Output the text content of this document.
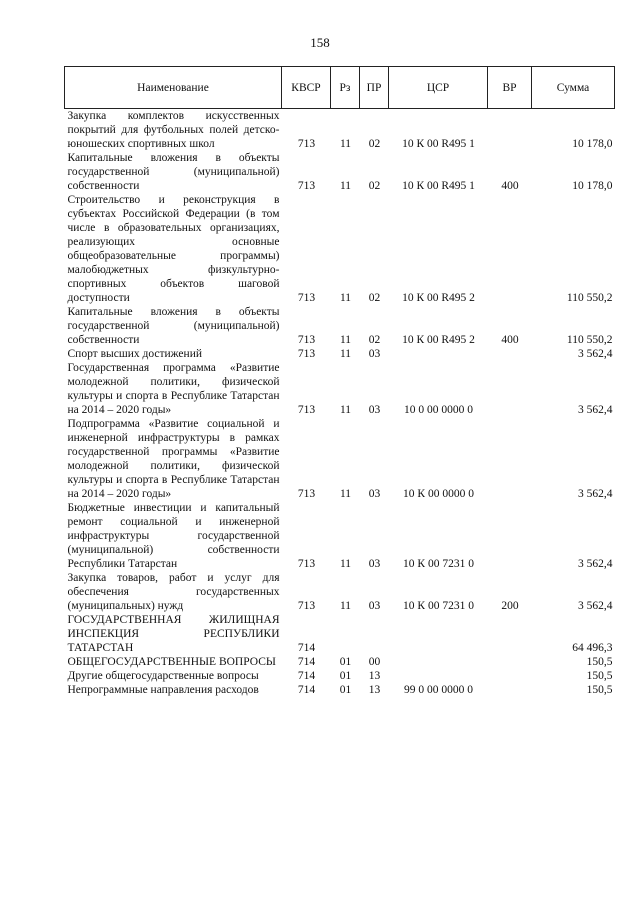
158
Наименование	КВСР	Рз	ПР	ЦСР	ВР	Сумма
Закупка комплектов искусственных покрытий для футбольных полей детско-юношеских спортивных школ	713	11	02	10 К 00 R495 1		10 178,0
Капитальные вложения в объекты государственной (муниципальной) собственности	713	11	02	10 К 00 R495 1	400	10 178,0
Строительство и реконструкция в субъектах Российской Федерации (в том числе в образовательных организациях, реализующих основные общеобразовательные программы) малобюджетных физкультурно-спортивных объектов шаговой доступности	713	11	02	10 К 00 R495 2		110 550,2
Капитальные вложения в объекты государственной (муниципальной) собственности	713	11	02	10 К 00 R495 2	400	110 550,2
Спорт высших достижений	713	11	03			3 562,4
Государственная программа «Развитие молодежной политики, физической культуры и спорта в Республике Татарстан на 2014 – 2020 годы»	713	11	03	10 0 00 0000 0		3 562,4
Подпрограмма «Развитие социальной и инженерной инфраструктуры в рамках государственной программы «Развитие молодежной политики, физической культуры и спорта в Республике Татарстан на 2014 – 2020 годы»	713	11	03	10 К 00 0000 0		3 562,4
Бюджетные инвестиции и капитальный ремонт социальной и инженерной инфраструктуры государственной (муниципальной) собственности Республики Татарстан	713	11	03	10 К 00 7231 0		3 562,4
Закупка товаров, работ и услуг для обеспечения государственных (муниципальных) нужд	713	11	03	10 К 00 7231 0	200	3 562,4
ГОСУДАРСТВЕННАЯ ЖИЛИЩНАЯ ИНСПЕКЦИЯ РЕСПУБЛИКИ ТАТАРСТАН	714					64 496,3
ОБЩЕГОСУДАРСТВЕННЫЕ ВОПРОСЫ	714	01	00			150,5
Другие общегосударственные вопросы	714	01	13			150,5
Непрограммные направления расходов	714	01	13	99 0 00 0000 0		150,5
